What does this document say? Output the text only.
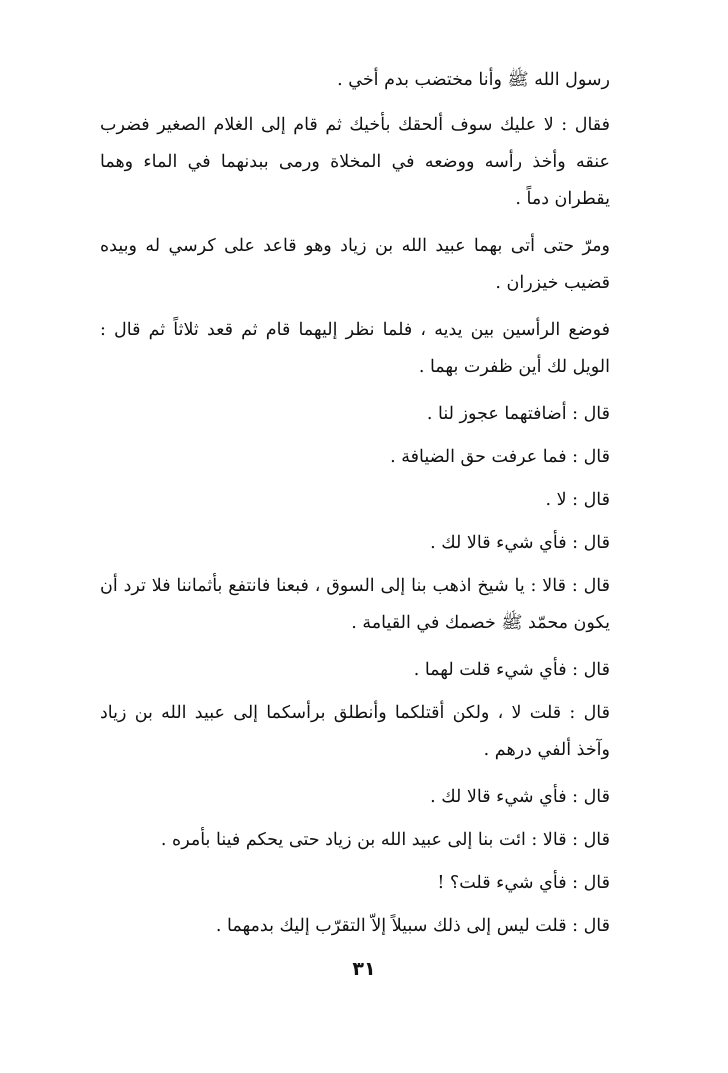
رسول الله ﷺ وأنا مختضب بدم أخي .

فقال : لا عليك سوف ألحقك بأخيك ثم قام إلى الغلام الصغير فضرب عنقه وأخذ رأسه ووضعه في المخلاة ورمى ببدنهما في الماء وهما يقطران دماً .

ومرّ حتى أتى بهما عبيد الله بن زياد وهو قاعد على كرسي له وبيده قضيب خيزران .

فوضع الرأسين بين يديه ، فلما نظر إليهما قام ثم قعد ثلاثاً ثم قال : الويل لك أين ظفرت بهما .

قال : أضافتهما عجوز لنا .

قال : فما عرفت حق الضيافة .

قال : لا .

قال : فأي شيء قالا لك .

قال : قالا : يا شيخ اذهب بنا إلى السوق ، فبعنا فانتفع بأثماننا فلا ترد أن يكون محمّد ﷺ خصمك في القيامة .

قال : فأي شيء قلت لهما .

قال : قلت لا ، ولكن أقتلكما وأنطلق برأسكما إلى عبيد الله بن زياد وآخذ ألفي درهم .

قال : فأي شيء قالا لك .

قال : قالا : ائت بنا إلى عبيد الله بن زياد حتى يحكم فينا بأمره .

قال : فأي شيء قلت؟ !

قال : قلت ليس إلى ذلك سبيلاً إلاّ التقرّب إليك بدمهما .

٣١
